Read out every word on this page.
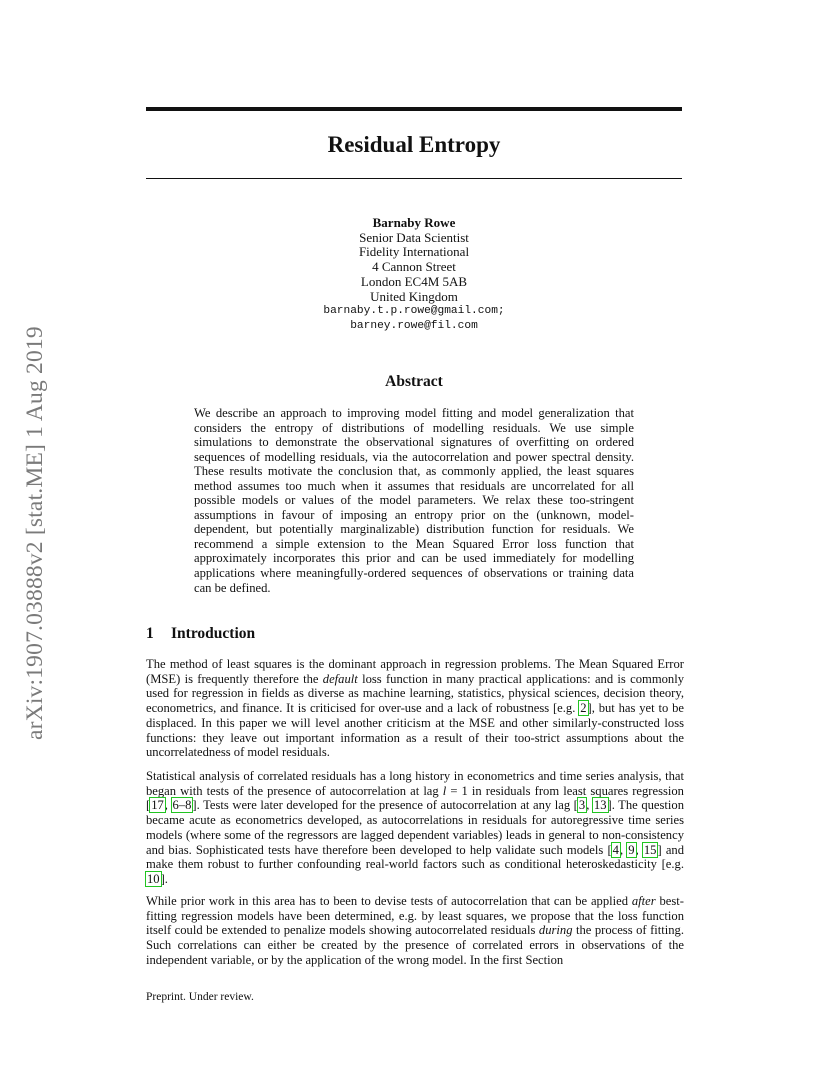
arXiv:1907.03888v2 [stat.ME] 1 Aug 2019
Residual Entropy
Barnaby Rowe
Senior Data Scientist
Fidelity International
4 Cannon Street
London EC4M 5AB
United Kingdom
barnaby.t.p.rowe@gmail.com;
barney.rowe@fil.com
Abstract

We describe an approach to improving model fitting and model generalization that considers the entropy of distributions of modelling residuals. We use simple simulations to demonstrate the observational signatures of overfitting on ordered sequences of modelling residuals, via the autocorrelation and power spectral density. These results motivate the conclusion that, as commonly applied, the least squares method assumes too much when it assumes that residuals are uncorrelated for all possible models or values of the model parameters. We relax these too-stringent assumptions in favour of imposing an entropy prior on the (unknown, model-dependent, but potentially marginalizable) distribution function for residuals. We recommend a simple extension to the Mean Squared Error loss function that approximately incorporates this prior and can be used immediately for modelling applications where meaningfully-ordered sequences of observations or training data can be defined.

1 Introduction

The method of least squares is the dominant approach in regression problems. The Mean Squared Error (MSE) is frequently therefore the default loss function in many practical applications: and is commonly used for regression in fields as diverse as machine learning, statistics, physical sciences, decision theory, econometrics, and finance. It is criticised for over-use and a lack of robustness [e.g. 2], but has yet to be displaced. In this paper we will level another criticism at the MSE and other similarly-constructed loss functions: they leave out important information as a result of their too-strict assumptions about the uncorrelatedness of model residuals.

Statistical analysis of correlated residuals has a long history in econometrics and time series analysis, that began with tests of the presence of autocorrelation at lag l = 1 in residuals from least squares regression [17, 6–8]. Tests were later developed for the presence of autocorrelation at any lag [3, 13]. The question became acute as econometrics developed, as autocorrelations in residuals for autoregressive time series models (where some of the regressors are lagged dependent variables) leads in general to non-consistency and bias. Sophisticated tests have therefore been developed to help validate such models [4, 9, 15] and make them robust to further confounding real-world factors such as conditional heteroskedasticity [e.g. 10].

While prior work in this area has to been to devise tests of autocorrelation that can be applied after best-fitting regression models have been determined, e.g. by least squares, we propose that the loss function itself could be extended to penalize models showing autocorrelated residuals during the process of fitting. Such correlations can either be created by the presence of correlated errors in observations of the independent variable, or by the application of the wrong model. In the first Section

Preprint. Under review.
